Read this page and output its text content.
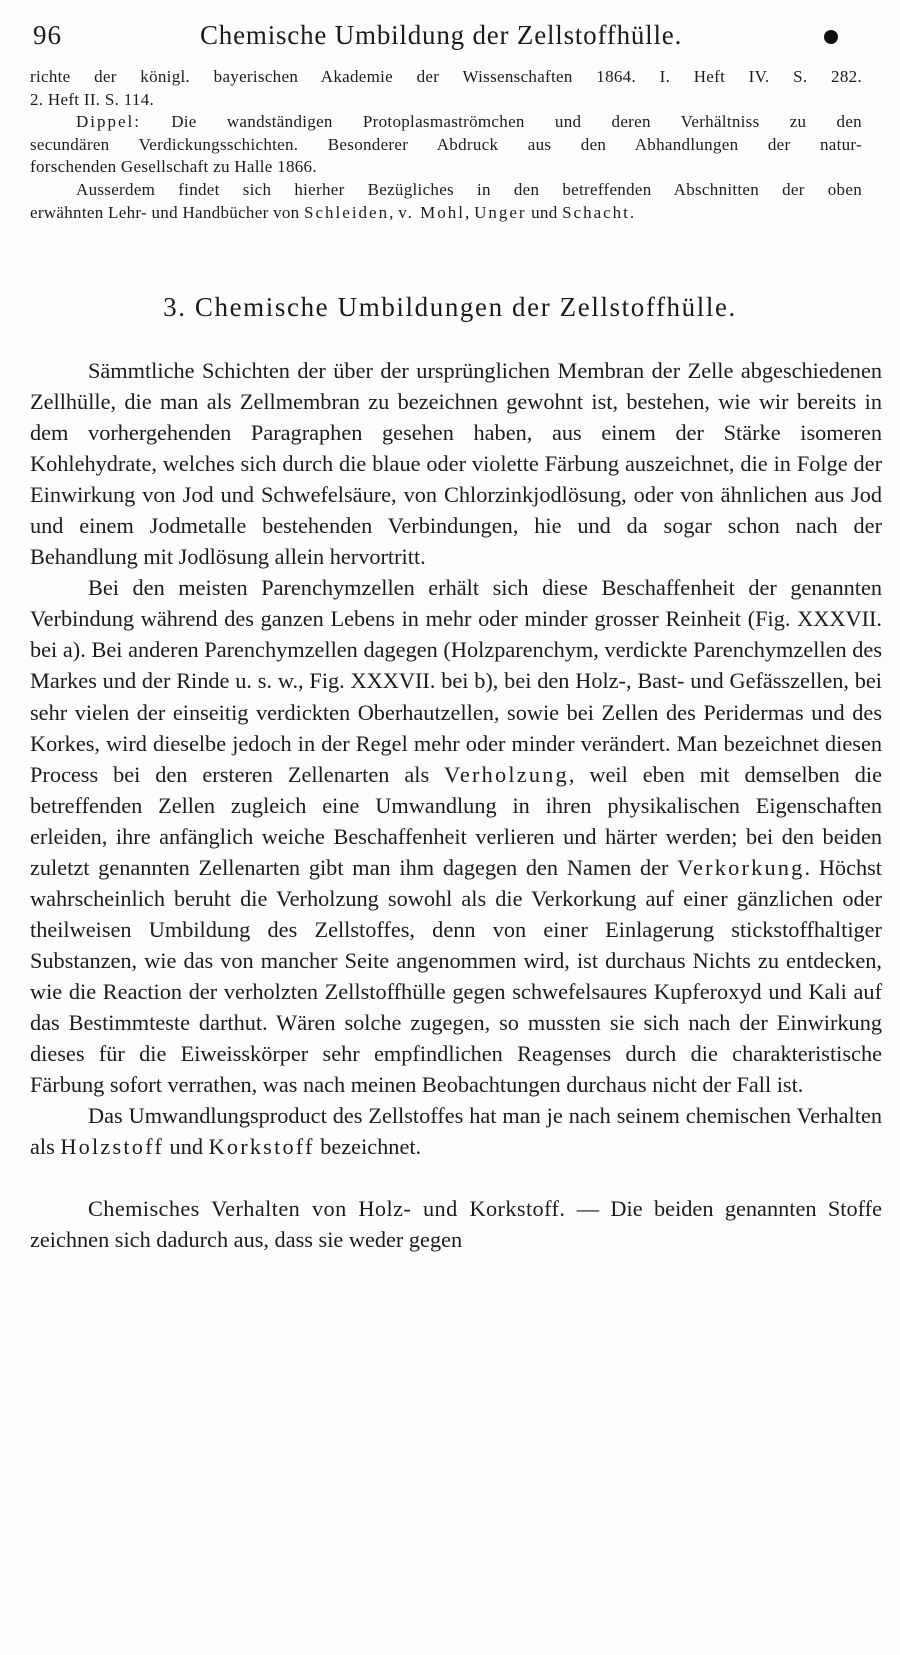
96	Chemische Umbildung der Zellstoffhülle.

richte der königl. bayerischen Akademie der Wissenschaften 1864. I. Heft IV. S. 282.

2. Heft II. S. 114.

Dippel: Die wandständigen Protoplasmaströmchen und deren Verhältniss zu den

secundären Verdickungsschichten. Besonderer Abdruck aus den Abhandlungen der natur-

forschenden Gesellschaft zu Halle 1866.

Ausserdem findet sich hierher Bezügliches in den betreffenden Abschnitten der oben

erwähnten Lehr- und Handbücher von Schleiden, v. Mohl, Unger und Schacht.

3. Chemische Umbildungen der Zellstoffhülle.

Sämmtliche Schichten der über der ursprünglichen Membran der Zelle abgeschiedenen Zellhülle, die man als Zellmembran zu bezeichnen gewohnt ist, bestehen, wie wir bereits in dem vorhergehenden Paragraphen gesehen haben, aus einem der Stärke isomeren Kohlehydrate, welches sich durch die blaue oder violette Färbung auszeichnet, die in Folge der Einwirkung von Jod und Schwefelsäure, von Chlorzinkjodlösung, oder von ähnlichen aus Jod und einem Jodmetalle bestehenden Verbindungen, hie und da sogar schon nach der Behandlung mit Jodlösung allein hervortritt.

Bei den meisten Parenchymzellen erhält sich diese Beschaffenheit der genannten Verbindung während des ganzen Lebens in mehr oder minder grosser Reinheit (Fig. XXXVII. bei a). Bei anderen Parenchymzellen dagegen (Holzparenchym, verdickte Parenchymzellen des Markes und der Rinde u. s. w., Fig. XXXVII. bei b), bei den Holz-, Bast- und Gefässzellen, bei sehr vielen der einseitig verdickten Oberhautzellen, sowie bei Zellen des Peridermas und des Korkes, wird dieselbe jedoch in der Regel mehr oder minder verändert. Man bezeichnet diesen Process bei den ersteren Zellenarten als Verholzung, weil eben mit demselben die betreffenden Zellen zugleich eine Umwandlung in ihren physikalischen Eigenschaften erleiden, ihre anfänglich weiche Beschaffenheit verlieren und härter werden; bei den beiden zuletzt genannten Zellenarten gibt man ihm dagegen den Namen der Verkorkung. Höchst wahrscheinlich beruht die Verholzung sowohl als die Verkorkung auf einer gänzlichen oder theilweisen Umbildung des Zellstoffes, denn von einer Einlagerung stickstoffhaltiger Substanzen, wie das von mancher Seite angenommen wird, ist durchaus Nichts zu entdecken, wie die Reaction der verholzten Zellstoffhülle gegen schwefelsaures Kupferoxyd und Kali auf das Bestimmteste darthut. Wären solche zugegen, so mussten sie sich nach der Einwirkung dieses für die Eiweisskörper sehr empfindlichen Reagenses durch die charakteristische Färbung sofort verrathen, was nach meinen Beobachtungen durchaus nicht der Fall ist.

Das Umwandlungsproduct des Zellstoffes hat man je nach seinem chemischen Verhalten als Holzstoff und Korkstoff bezeichnet.

Chemisches Verhalten von Holz- und Korkstoff. — Die beiden genannten Stoffe zeichnen sich dadurch aus, dass sie weder gegen
